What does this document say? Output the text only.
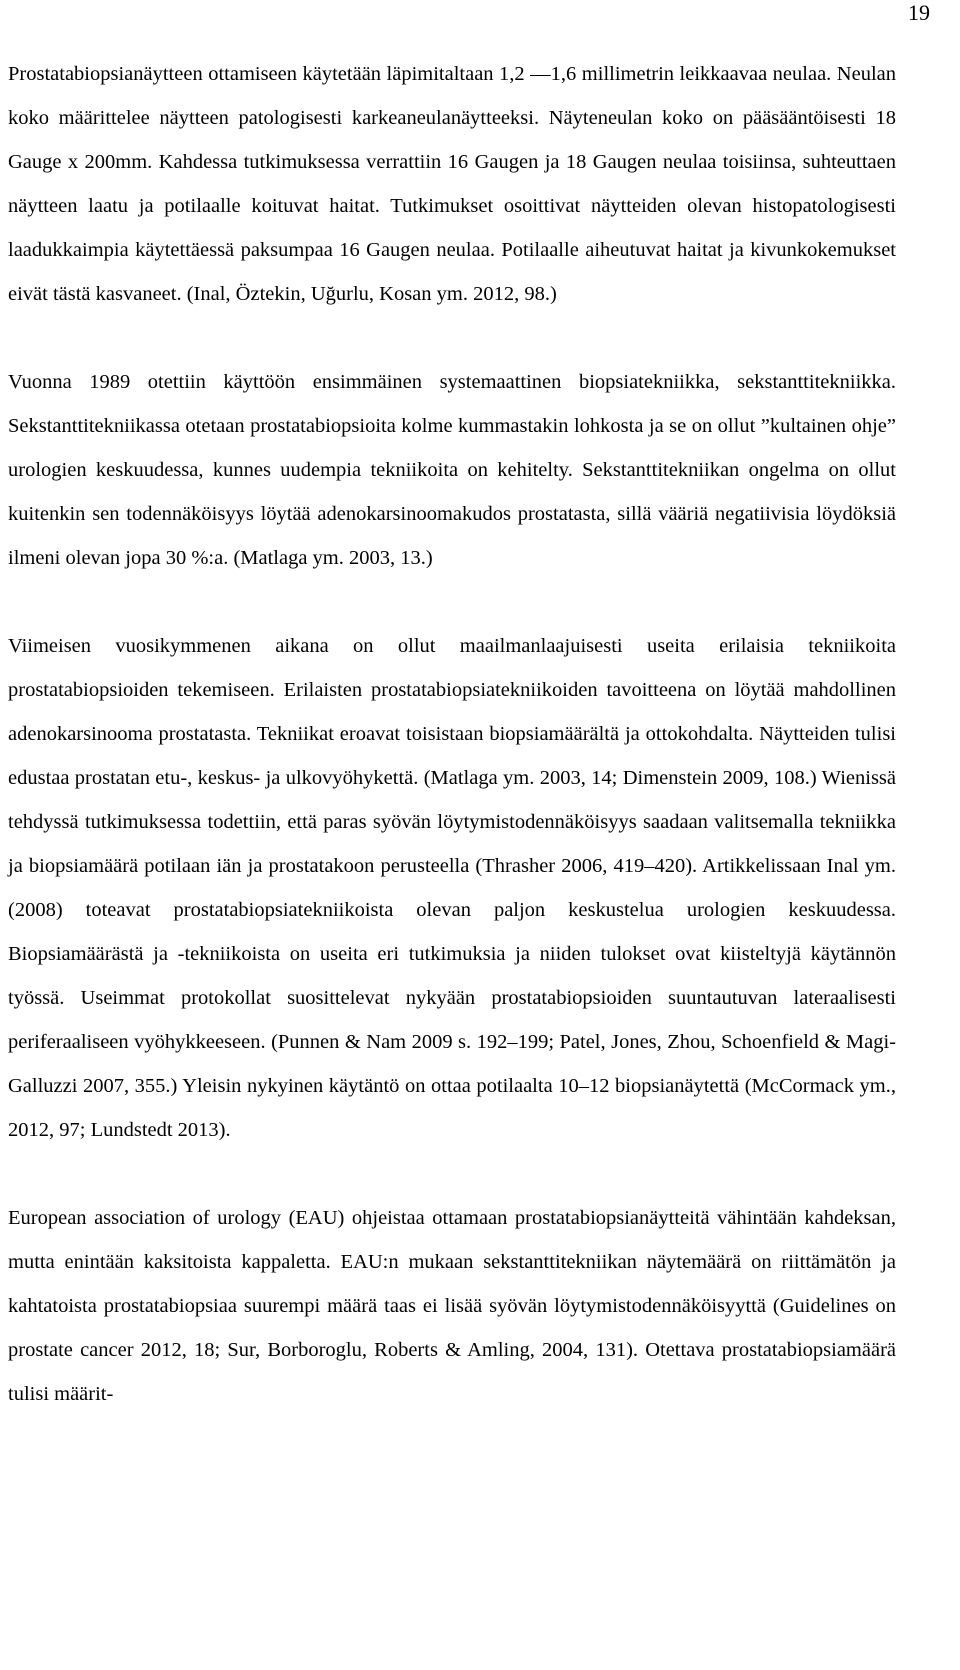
19

Prostatabiopsianäytteen ottamiseen käytetään läpimitaltaan 1,2 —1,6 millimetrin leikkaavaa neulaa. Neulan koko määrittelee näytteen patologisesti karkeaneulanäytteeksi. Näyteneulan koko on pääsääntöisesti 18 Gauge x 200mm. Kahdessa tutkimuksessa verrattiin 16 Gaugen ja 18 Gaugen neulaa toisiinsa, suhteuttaen näytteen laatu ja potilaalle koituvat haitat. Tutkimukset osoittivat näytteiden olevan histopatologisesti laadukkaimpia käytettäessä paksumpaa 16 Gaugen neulaa. Potilaalle aiheutuvat haitat ja kivunkokemukset eivät tästä kasvaneet. (Inal, Öztekin, Uğurlu, Kosan ym. 2012, 98.)

Vuonna 1989 otettiin käyttöön ensimmäinen systemaattinen biopsiatekniikka, sekstanttitekniikka. Sekstanttitekniikassa otetaan prostatabiopsioita kolme kummastakin lohkosta ja se on ollut ”kultainen ohje” urologien keskuudessa, kunnes uudempia tekniikoita on kehitelty. Sekstanttitekniikan ongelma on ollut kuitenkin sen todennäköisyys löytää adenokarsinoomakudos prostatasta, sillä vääriä negatiivisia löydöksiä ilmeni olevan jopa 30 %:a. (Matlaga ym. 2003, 13.)

Viimeisen vuosikymmenen aikana on ollut maailmanlaajuisesti useita erilaisia tekniikoita prostatabiopsioiden tekemiseen. Erilaisten prostatabiopsiatekniikoiden tavoitteena on löytää mahdollinen adenokarsinooma prostatasta. Tekniikat eroavat toisistaan biopsiamäärältä ja ottokohdalta. Näytteiden tulisi edustaa prostatan etu-, keskus- ja ulkovyöhykettä. (Matlaga ym. 2003, 14; Dimenstein 2009, 108.) Wienissä tehdyssä tutkimuksessa todettiin, että paras syövän löytymistodennäköisyys saadaan valitsemalla tekniikka ja biopsiamäärä potilaan iän ja prostatakoon perusteella (Thrasher 2006, 419–420). Artikkelissaan Inal ym. (2008) toteavat prostatabiopsiatekniikoista olevan paljon keskustelua urologien keskuudessa. Biopsiamäärästä ja -tekniikoista on useita eri tutkimuksia ja niiden tulokset ovat kiisteltyjä käytännön työssä. Useimmat protokollat suosittelevat nykyään prostatabiopsioiden suuntautuvan lateraalisesti periferaaliseen vyöhykkeeseen. (Punnen & Nam 2009 s. 192–199; Patel, Jones, Zhou, Schoenfield & Magi-Galluzzi 2007, 355.) Yleisin nykyinen käytäntö on ottaa potilaalta 10–12 biopsianäytettä (McCormack ym., 2012, 97; Lundstedt 2013).

European association of urology (EAU) ohjeistaa ottamaan prostatabiopsianäytteitä vähintään kahdeksan, mutta enintään kaksitoista kappaletta. EAU:n mukaan sekstanttitekniikan näytemäärä on riittämätön ja kahtatoista prostatabiopsiaa suurempi määrä taas ei lisää syövän löytymistodennäköisyyttä (Guidelines on prostate cancer 2012, 18; Sur, Borboroglu, Roberts & Amling, 2004, 131). Otettava prostatabiopsiamäärä tulisi määrit-
